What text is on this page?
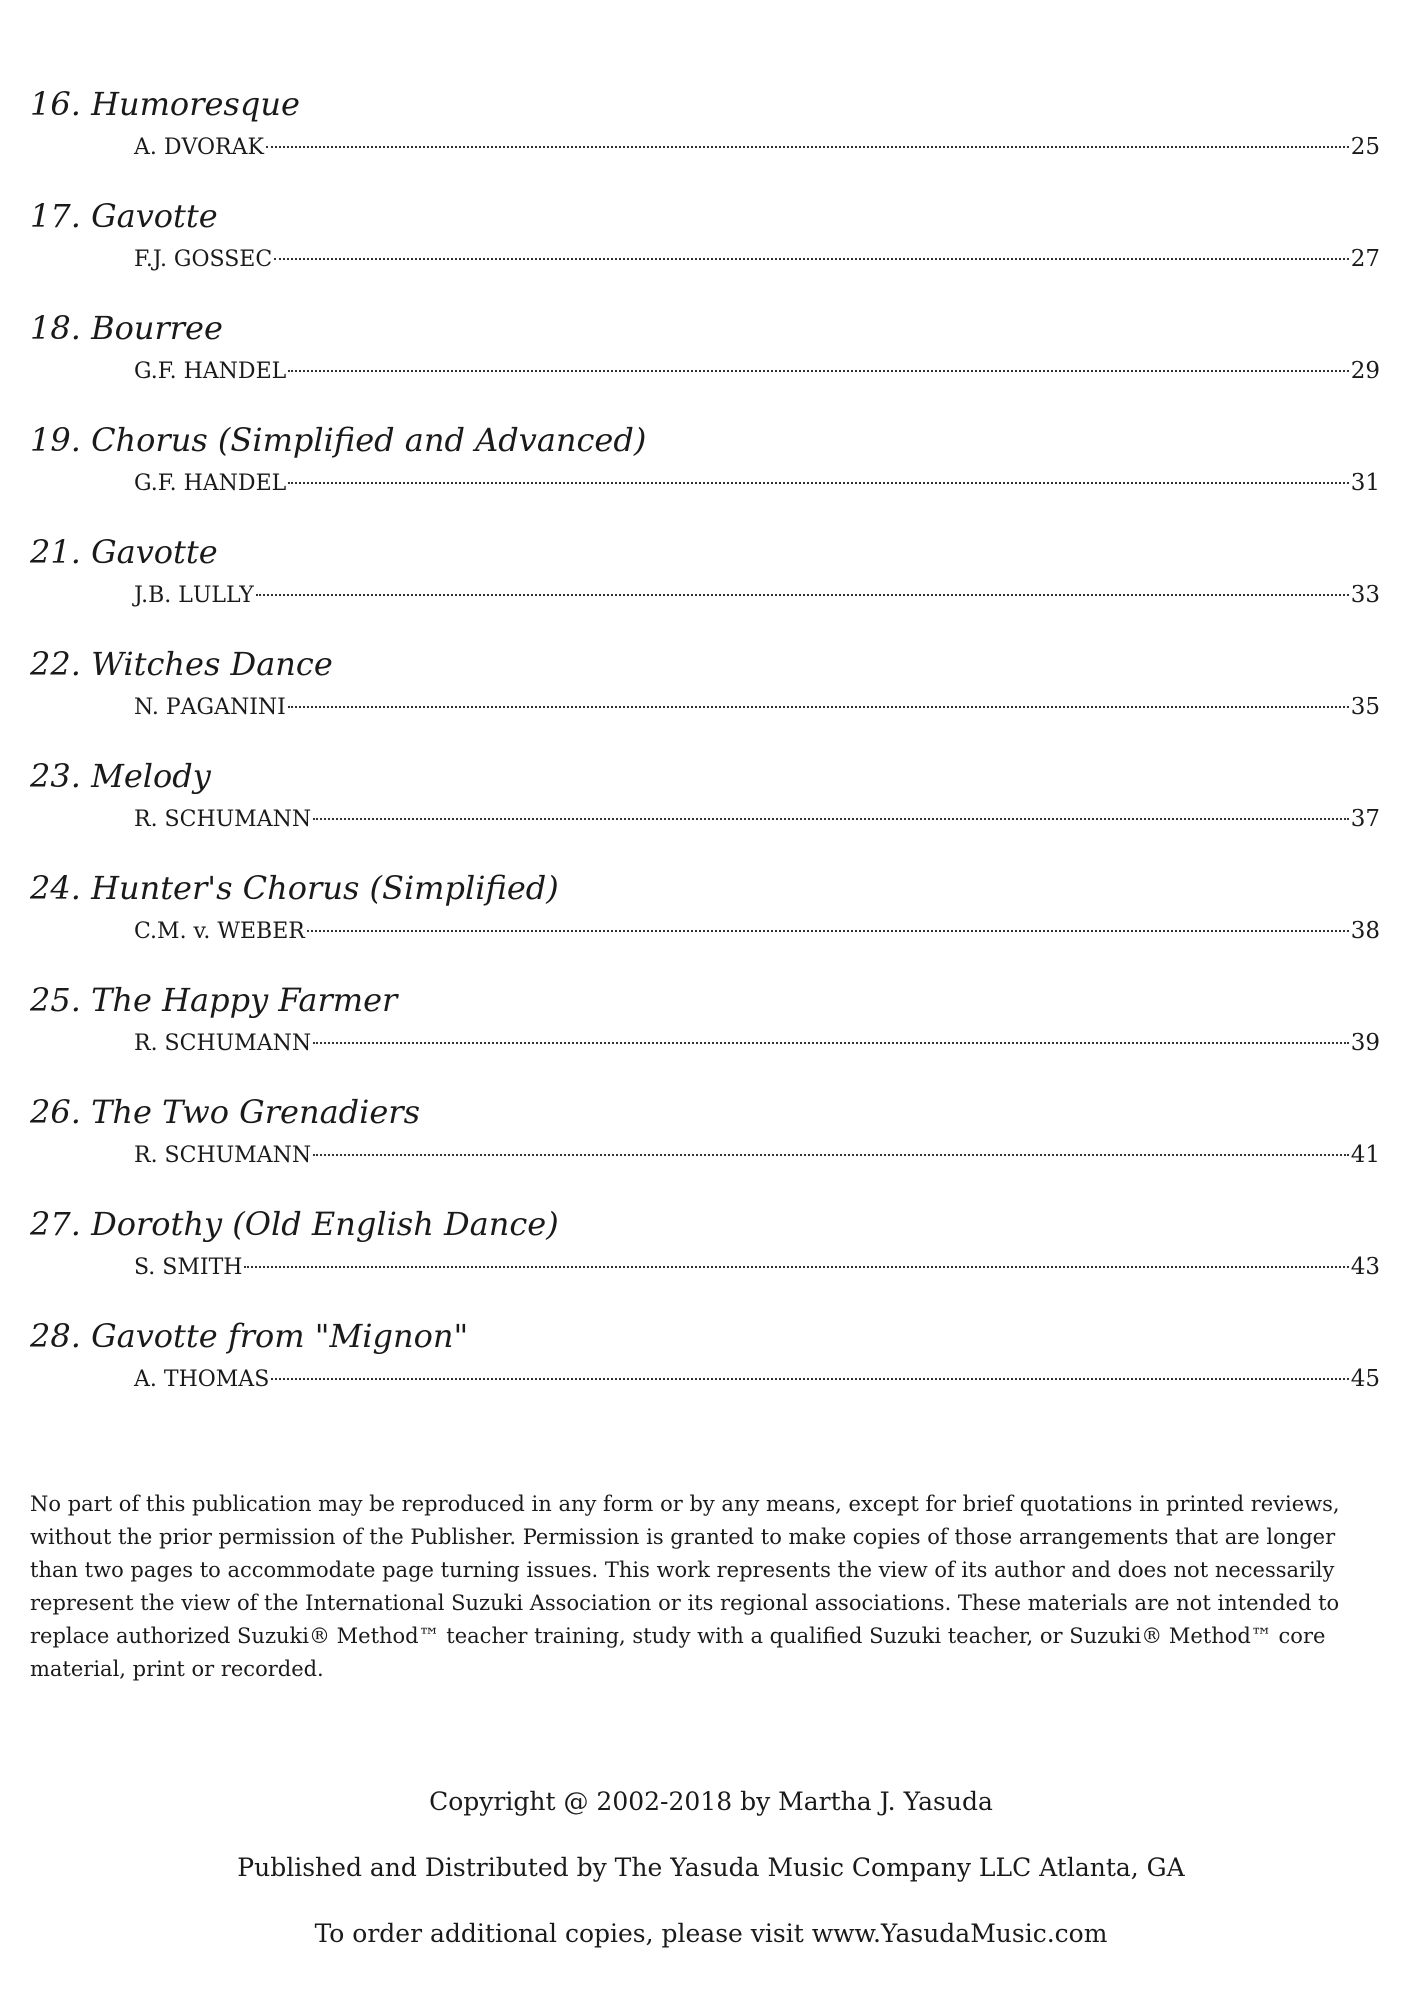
16. Humoresque
A. DVORAK	25
17. Gavotte
F.J. GOSSEC	27
18. Bourree
G.F. HANDEL	29
19. Chorus (Simplified and Advanced)
G.F. HANDEL	31
21. Gavotte
J.B. LULLY	33
22. Witches Dance
N. PAGANINI	35
23. Melody
R. SCHUMANN	37
24. Hunter's Chorus (Simplified)
C.M. v. WEBER	38
25. The Happy Farmer
R. SCHUMANN	39
26. The Two Grenadiers
R. SCHUMANN	41
27. Dorothy (Old English Dance)
S. SMITH	43
28. Gavotte from "Mignon"
A. THOMAS	45
No part of this publication may be reproduced in any form or by any means, except for brief quotations in printed reviews, without the prior permission of the Publisher. Permission is granted to make copies of those arrangements that are longer than two pages to accommodate page turning issues. This work represents the view of its author and does not necessarily represent the view of the International Suzuki Association or its regional associations. These materials are not intended to replace authorized Suzuki® Method™ teacher training, study with a qualified Suzuki teacher, or Suzuki® Method™ core material, print or recorded.
Copyright @ 2002-2018 by Martha J. Yasuda
Published and Distributed by The Yasuda Music Company LLC Atlanta, GA
To order additional copies, please visit www.YasudaMusic.com
